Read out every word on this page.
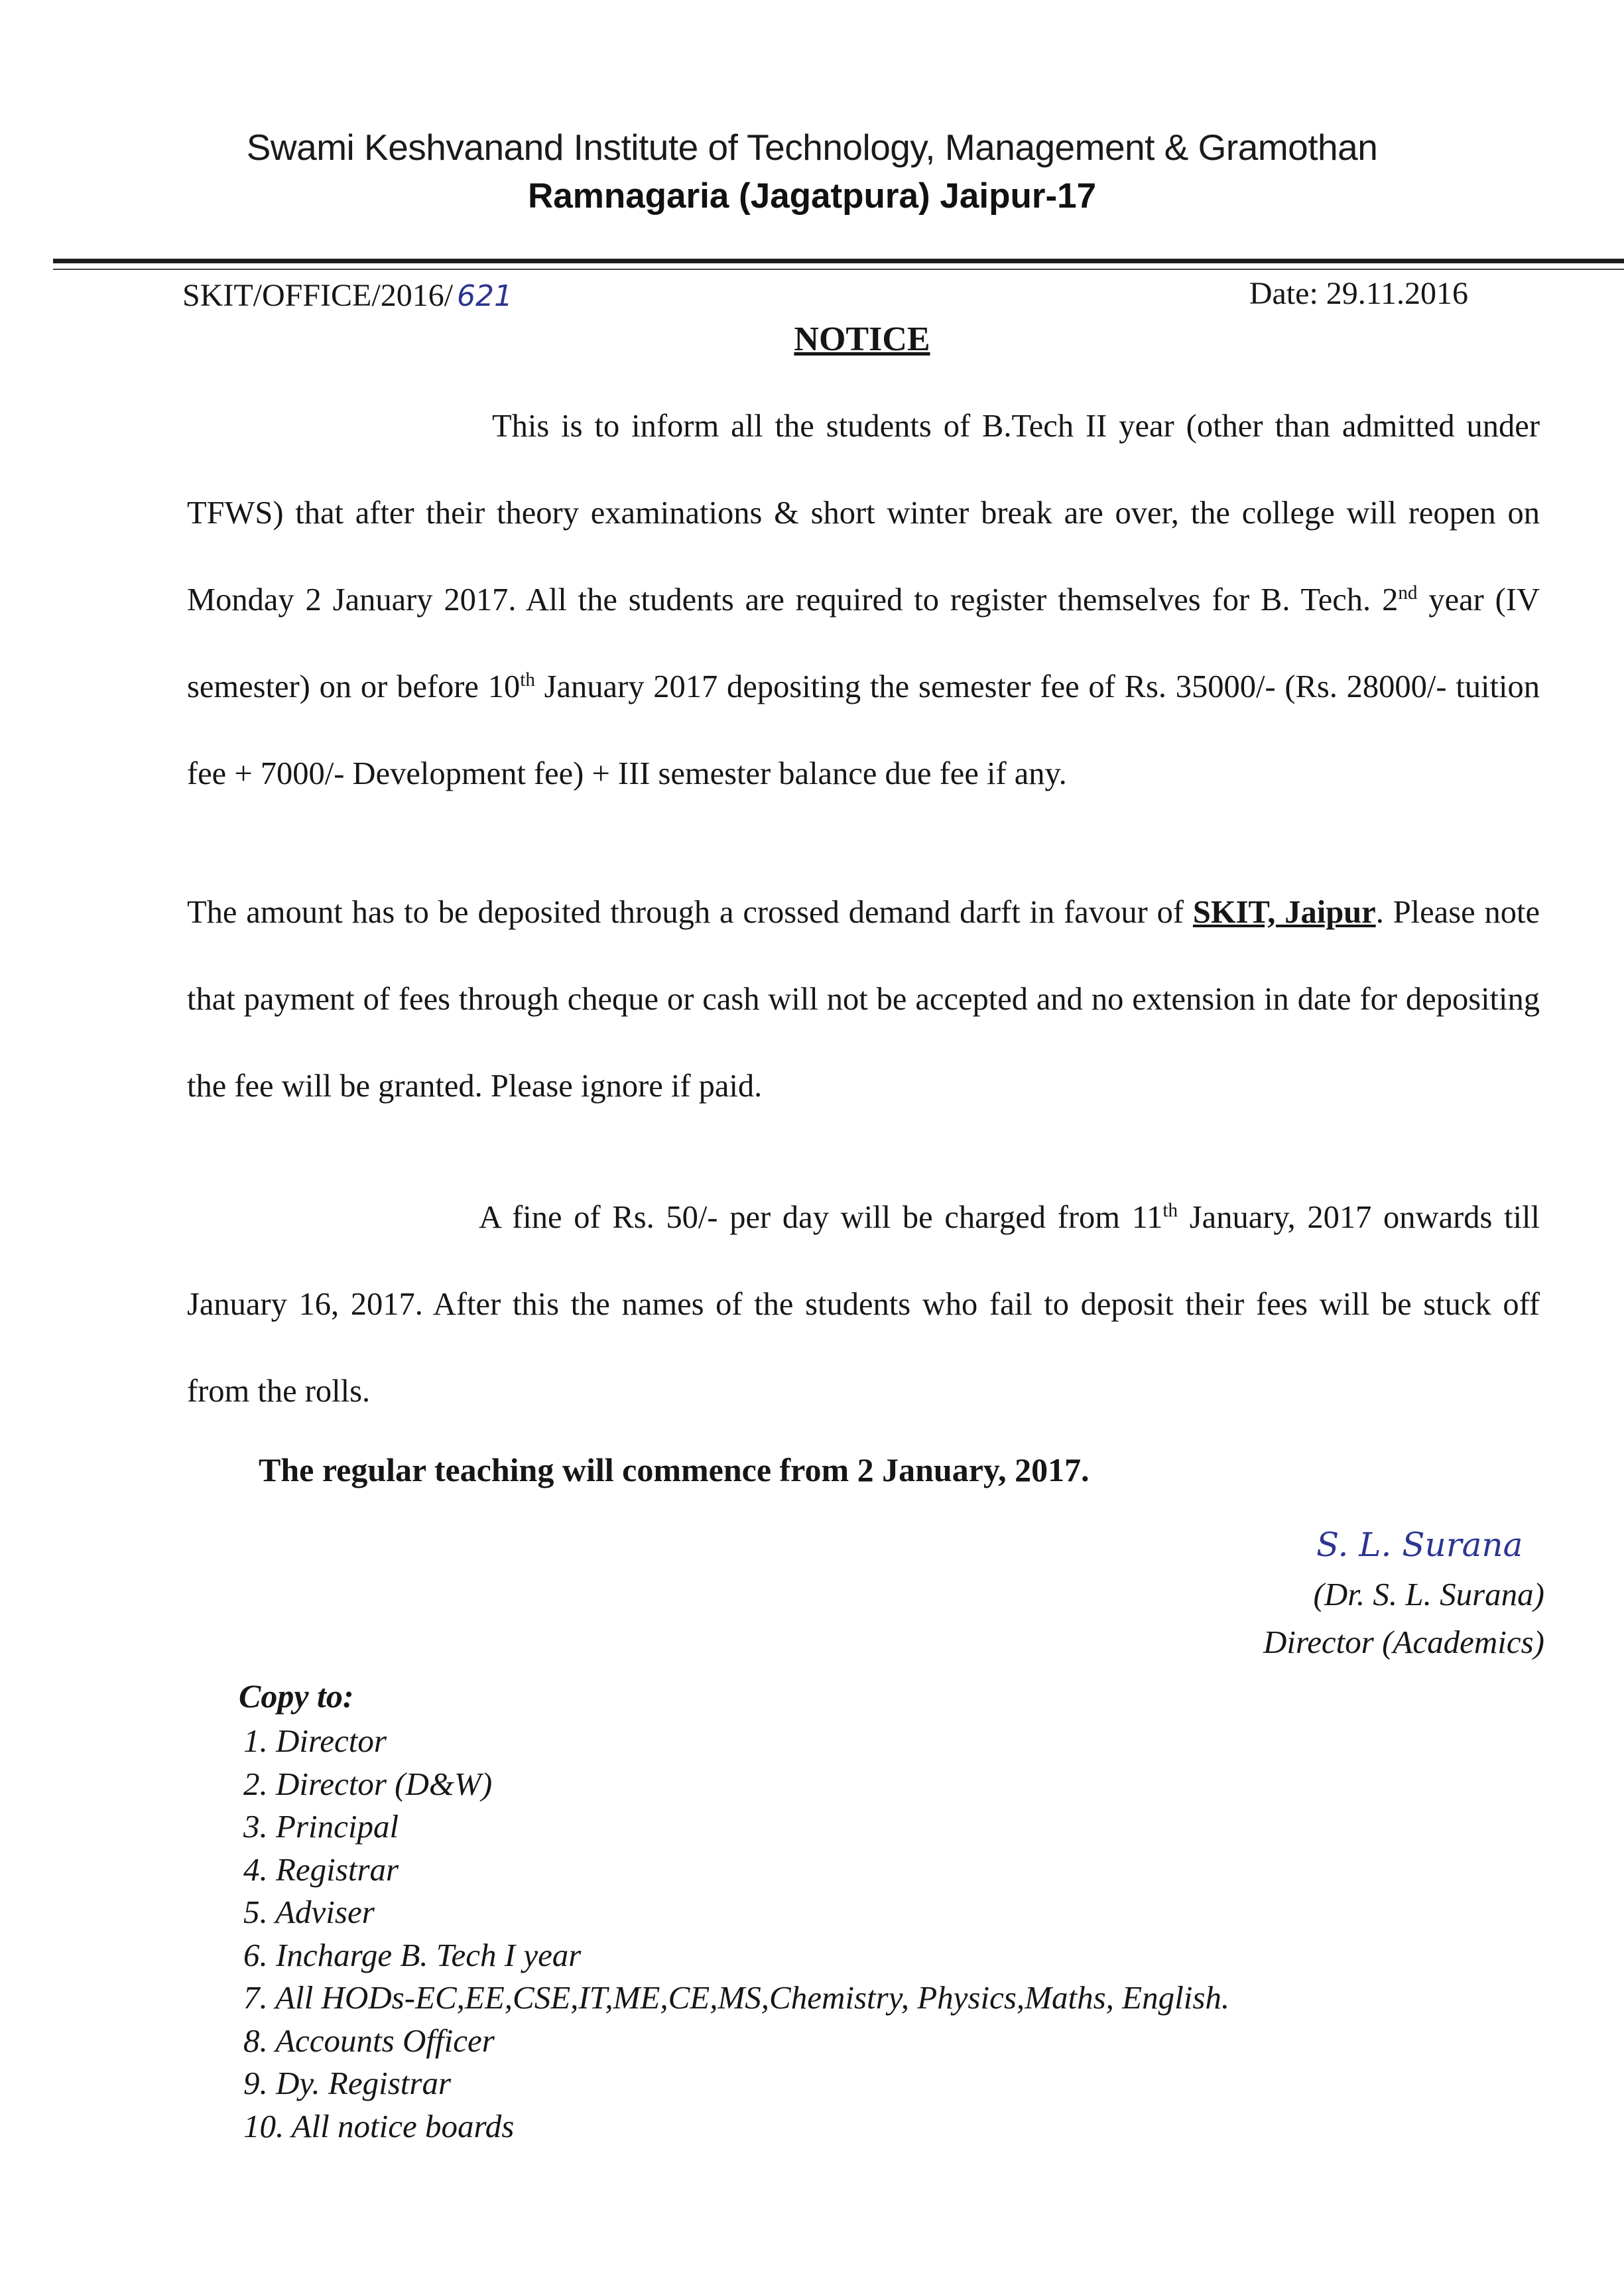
Swami Keshvanand Institute of Technology, Management & Gramothan
Ramnagaria (Jagatpura) Jaipur-17
SKIT/OFFICE/2016/ 621	Date: 29.11.2016
NOTICE
This is to inform all the students of B.Tech II year (other than admitted under TFWS) that after their theory examinations & short winter break are over, the college will reopen on Monday 2 January 2017. All the students are required to register themselves for B. Tech. 2nd year (IV semester) on or before 10th January 2017 depositing the semester fee of Rs. 35000/- (Rs. 28000/- tuition fee + 7000/- Development fee) + III semester balance due fee if any.
The amount has to be deposited through a crossed demand darft in favour of SKIT, Jaipur. Please note that payment of fees through cheque or cash will not be accepted and no extension in date for depositing the fee will be granted. Please ignore if paid.
A fine of Rs. 50/- per day will be charged from 11th January, 2017 onwards till January 16, 2017. After this the names of the students who fail to deposit their fees will be stuck off from the rolls.
The regular teaching will commence from 2 January, 2017.
S. L. Surana
(Dr. S. L. Surana)
Director (Academics)
Copy to:
1. Director
2. Director (D&W)
3. Principal
4. Registrar
5. Adviser
6. Incharge B. Tech I year
7. All HODs-EC,EE,CSE,IT,ME,CE,MS,Chemistry, Physics,Maths, English.
8. Accounts Officer
9. Dy. Registrar
10. All notice boards
